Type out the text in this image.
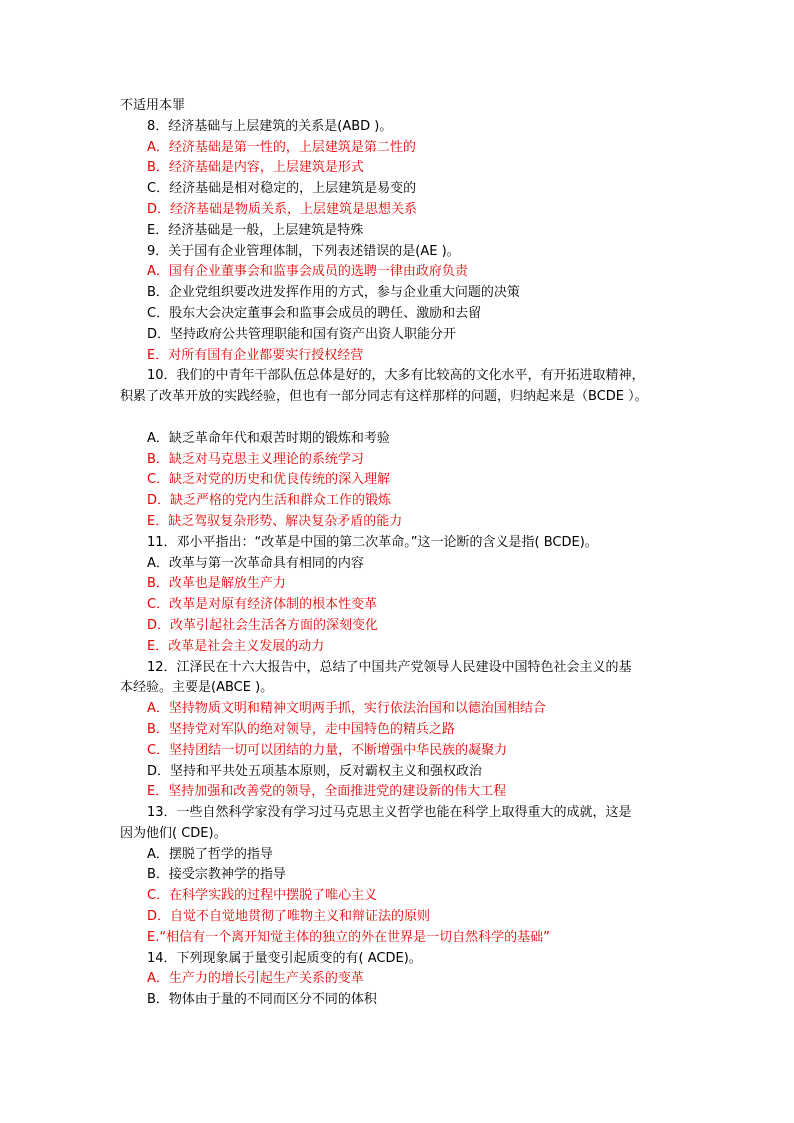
不适用本罪
8．经济基础与上层建筑的关系是(ABD )。
A．经济基础是第一性的，上层建筑是第二性的
B．经济基础是内容，上层建筑是形式
C．经济基础是相对稳定的，上层建筑是易变的
D．经济基础是物质关系，上层建筑是思想关系
E．经济基础是一般，上层建筑是特殊
9．关于国有企业管理体制，下列表述错误的是(AE )。
A．国有企业董事会和监事会成员的选聘一律由政府负责
B．企业党组织要改进发挥作用的方式，参与企业重大问题的决策
C．股东大会决定董事会和监事会成员的聘任、激励和去留
D．坚持政府公共管理职能和国有资产出资人职能分开
E．对所有国有企业都要实行授权经营
10．我们的中青年干部队伍总体是好的，大多有比较高的文化水平，有开拓进取精神，
积累了改革开放的实践经验，但也有一部分同志有这样那样的问题，归纳起来是（BCDE ）。
A．缺乏革命年代和艰苦时期的锻炼和考验
B．缺乏对马克思主义理论的系统学习
C．缺乏对党的历史和优良传统的深入理解
D．缺乏严格的党内生活和群众工作的锻炼
E．缺乏驾驭复杂形势、解决复杂矛盾的能力
11．邓小平指出：“改革是中国的第二次革命。”这一论断的含义是指( BCDE)。
A．改革与第一次革命具有相同的内容
B．改革也是解放生产力
C．改革是对原有经济体制的根本性变革
D．改革引起社会生活各方面的深刻变化
E．改革是社会主义发展的动力
12．江泽民在十六大报告中，总结了中国共产党领导人民建设中国特色社会主义的基
本经验。主要是(ABCE )。
A．坚持物质文明和精神文明两手抓，实行依法治国和以德治国相结合
B．坚持党对军队的绝对领导，走中国特色的精兵之路
C．坚持团结一切可以团结的力量，不断增强中华民族的凝聚力
D．坚持和平共处五项基本原则，反对霸权主义和强权政治
E．坚持加强和改善党的领导，全面推进党的建设新的伟大工程
13．一些自然科学家没有学习过马克思主义哲学也能在科学上取得重大的成就，这是
因为他们( CDE)。
A．摆脱了哲学的指导
B．接受宗教神学的指导
C．在科学实践的过程中摆脱了唯心主义
D．自觉不自觉地贯彻了唯物主义和辩证法的原则
E.“相信有一个离开知觉主体的独立的外在世界是一切自然科学的基础”
14．下列现象属于量变引起质变的有( ACDE)。
A．生产力的增长引起生产关系的变革
B．物体由于量的不同而区分不同的体积
